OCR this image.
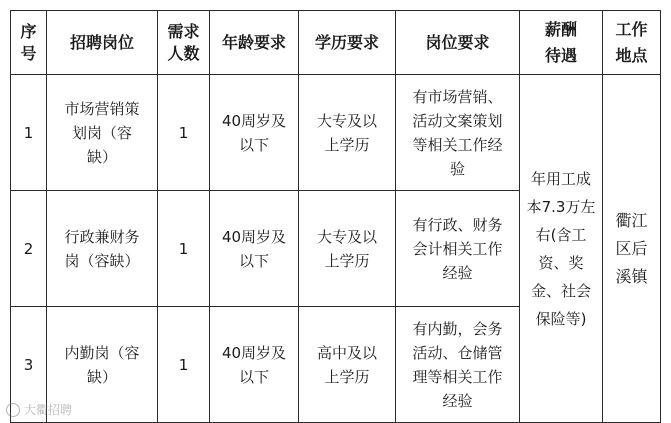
序号	招聘岗位	需求人数	年龄要求	学历要求	岗位要求	薪酬待遇	工作地点

1	市场营销策划岗（容缺）	1	40周岁及以下	大专及以上学历	有市场营销、活动文案策划等相关工作经验	年用工成本7.3万左右(含工资、奖金、社会保险等)	衢江区后溪镇

2	行政兼财务岗（容缺）	1	40周岁及以下	大专及以上学历	有行政、财务会计相关工作经验		

3	内勤岗（容缺）	1	40周岁及以下	高中及以上学历	有内勤，会务活动、仓储管理等相关工作经验		
大衢招聘
